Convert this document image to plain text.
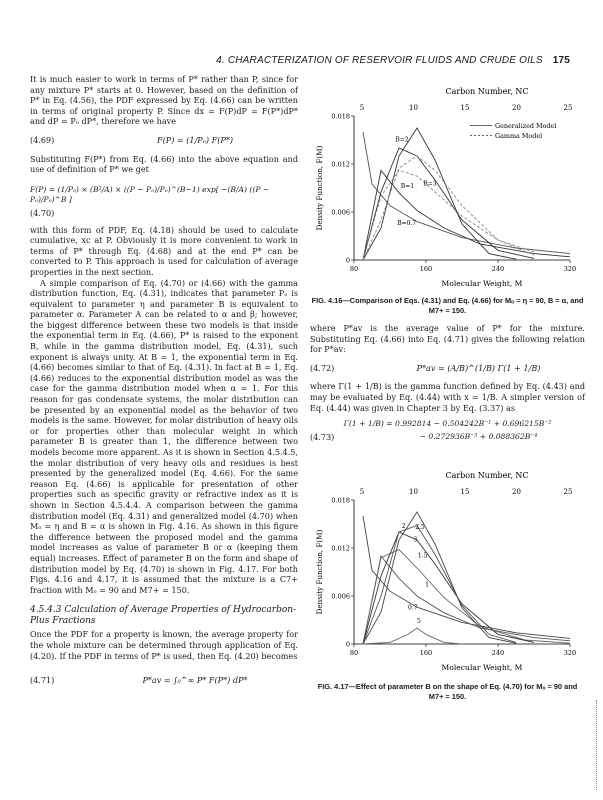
4. CHARACTERIZATION OF RESERVOIR FLUIDS AND CRUDE OILS 175

It is much easier to work in terms of P* rather than P, since for any mixture P* starts at 0. However, based on the definition of P* in Eq. (4.56), the PDF expressed by Eq. (4.66) can be written in terms of original property P. Since dx = F(P)dP = F(P*)dP* and dP = Pₒ dP*, therefore we have

(4.69)	F(P) = (1/Pₒ) F(P*)

Substituting F(P*) from Eq. (4.66) into the above equation and use of definition of P* we get

F(P) = (1/Pₒ) × (B²/A) × ((P − Pₒ)/Pₒ)^(B−1) exp[ −(B/A) ((P − Pₒ)/Pₒ)^B ]
(4.70)

with this form of PDF, Eq. (4.18) should be used to calculate cumulative, xc at P. Obviously it is more convenient to work in terms of P* through Eq. (4.68) and at the end P* can be converted to P. This approach is used for calculation of average properties in the next section.

A simple comparison of Eq. (4.70) or (4.66) with the gamma distribution function, Eq. (4.31), indicates that parameter Pₒ is equivalent to parameter η and parameter B is equivalent to parameter α. Parameter A can be related to α and β; however, the biggest difference between these two models is that inside the exponential term in Eq. (4.66), P* is raised to the exponent B, while in the gamma distribution model, Eq. (4.31), such exponent is always unity. At B = 1, the exponential term in Eq. (4.66) becomes similar to that of Eq. (4.31). In fact at B = 1, Eq. (4.66) reduces to the exponential distribution model as was the case for the gamma distribution model when α = 1. For this reason for gas condensate systems, the molar distribution can be presented by an exponential model as the behavior of two models is the same. However, for molar distribution of heavy oils or for properties other than molecular weight in which parameter B is greater than 1, the difference between two models become more apparent. As it is shown in Section 4.5.4.5, the molar distribution of very heavy oils and residues is best presented by the generalized model (Eq. 4.66). For the same reason Eq. (4.66) is applicable for presentation of other properties such as specific gravity or refractive index as it is shown in Section 4.5.4.4. A comparison between the gamma distribution model (Eq. 4.31) and generalized model (4.70) when Mₒ = η and B = α is shown in Fig. 4.16. As shown in this figure the difference between the proposed model and the gamma model increases as value of parameter B or α (keeping them equal) increases. Effect of parameter B on the form and shape of distribution model by Eq. (4.70) is shown in Fig. 4.17. For both Figs. 4.16 and 4.17, it is assumed that the mixture is a C7+ fraction with Mₒ = 90 and M7+ = 150.

4.5.4.3 Calculation of Average Properties of Hydrocarbon-Plus Fractions

Once the PDF for a property is known, the average property for the whole mixture can be determined through application of Eq. (4.20). If the PDF in terms of P* is used, then Eq. (4.20) becomes

(4.71)	P*av = ∫₀^∞ P* F(P*) dP*
Carbon Number, NC
5	10	15	20	25
0
0.006
0.012
0.018
80	160	240	320
Molecular Weight, M
Density Function, F(M)
B=2
B=1 B=3
B=0.7
Generalized Model
Gamma Model
FIG. 4.16—Comparison of Eqs. (4.31) and Eq. (4.66) for Mₒ = η = 90, B = α, and M7+ = 150.

where P*av is the average value of P* for the mixture. Substituting Eq. (4.66) into Eq. (4.71) gives the following relation for P*av:

(4.72)	P*av = (A/B)^(1/B) Γ(1 + 1/B)

where Γ(1 + 1/B) is the gamma function defined by Eq. (4.43) and may be evaluated by Eq. (4.44) with x = 1/B. A simpler version of Eq. (4.44) was given in Chapter 3 by Eq. (3.37) as

Γ(1 + 1/B) = 0.992814 − 0.504242B⁻¹ + 0.696215B⁻²
(4.73)	− 0.272936B⁻³ + 0.088362B⁻⁴
Carbon Number, NC
5	10	15	20	25
0
0.006
0.012
0.018
80	160	240	320
Molecular Weight, M
Density Function, F(M)
2 2.5
3
1.5
1
0.7
5
FIG. 4.17—Effect of parameter B on the shape of Eq. (4.70) for Mₒ = 90 and M7+ = 150.
